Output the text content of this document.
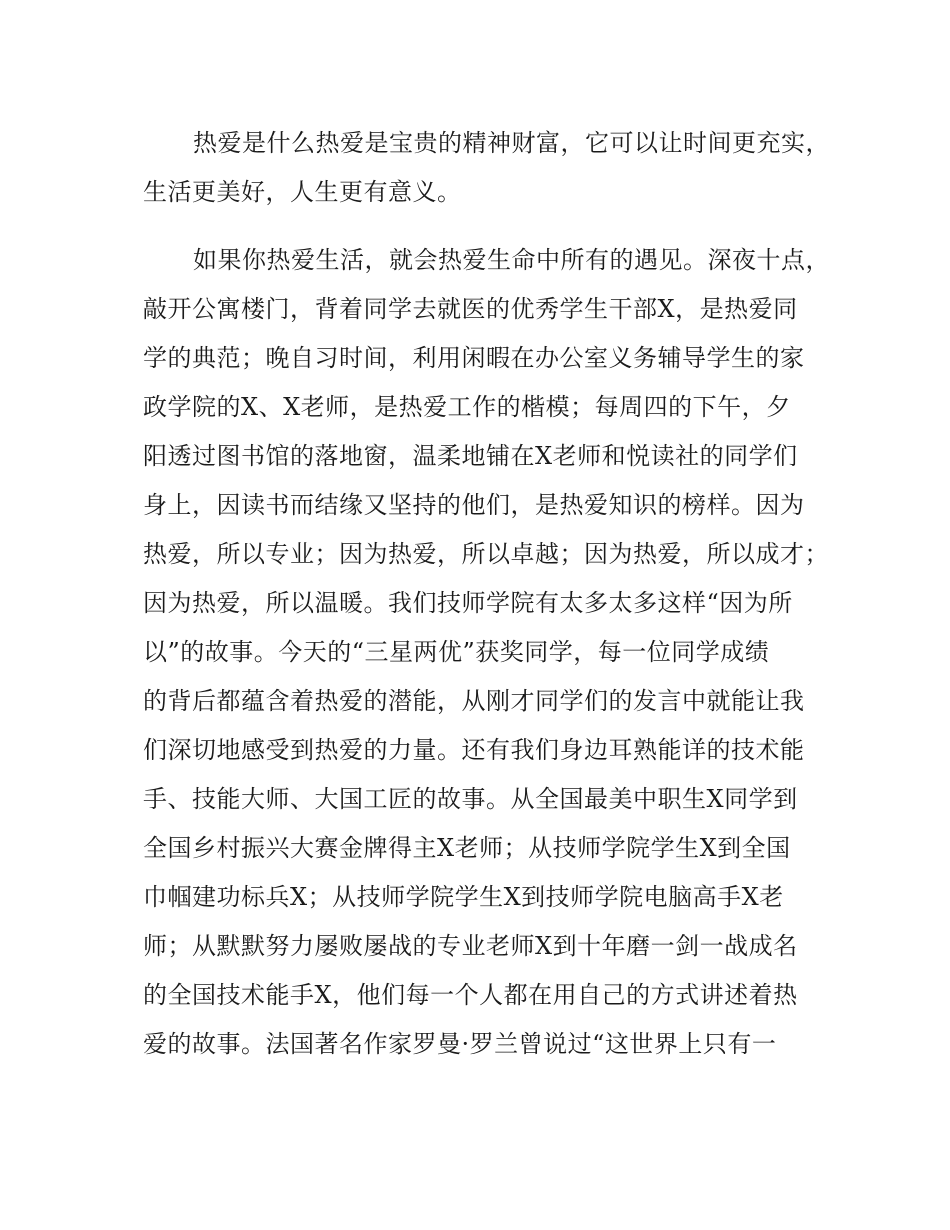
热爱是什么热爱是宝贵的精神财富，它可以让时间更充实，
生活更美好，人生更有意义。
如果你热爱生活，就会热爱生命中所有的遇见。深夜十点，
敲开公寓楼门，背着同学去就医的优秀学生干部X，是热爱同
学的典范；晚自习时间，利用闲暇在办公室义务辅导学生的家
政学院的X、X老师，是热爱工作的楷模；每周四的下午，夕
阳透过图书馆的落地窗，温柔地铺在X老师和悦读社的同学们
身上，因读书而结缘又坚持的他们，是热爱知识的榜样。因为
热爱，所以专业；因为热爱，所以卓越；因为热爱，所以成才；
因为热爱，所以温暖。我们技师学院有太多太多这样“因为所
以”的故事。今天的“三星两优”获奖同学，每一位同学成绩
的背后都蕴含着热爱的潜能，从刚才同学们的发言中就能让我
们深切地感受到热爱的力量。还有我们身边耳熟能详的技术能
手、技能大师、大国工匠的故事。从全国最美中职生X同学到
全国乡村振兴大赛金牌得主X老师；从技师学院学生X到全国
巾帼建功标兵X；从技师学院学生X到技师学院电脑高手X老
师；从默默努力屡败屡战的专业老师X到十年磨一剑一战成名
的全国技术能手X，他们每一个人都在用自己的方式讲述着热
爱的故事。法国著名作家罗曼·罗兰曾说过“这世界上只有一
